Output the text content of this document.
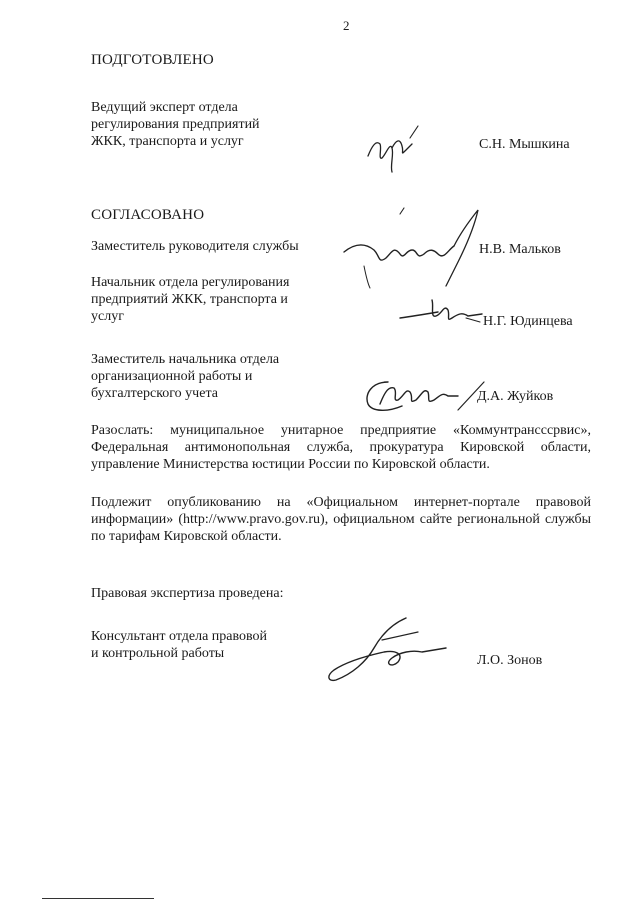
2
ПОДГОТОВЛЕНО
Ведущий эксперт отдела
регулирования предприятий
ЖКК, транспорта и услуг	С.Н. Мышкина
СОГЛАСОВАНО
Заместитель руководителя службы	Н.В. Мальков
Начальник отдела регулирования
предприятий ЖКК, транспорта и
услуг	Н.Г. Юдинцева
Заместитель начальника отдела
организационной работы и
бухгалтерского учета	Д.А. Жуйков
Разослать: муниципальное унитарное предприятие «Коммунтрансссрвис», Федеральная антимонопольная служба, прокуратура Кировской области, управление Министерства юстиции России по Кировской области.
Подлежит опубликованию на «Официальном интернет-портале правовой информации» (http://www.pravo.gov.ru), официальном сайте региональной службы по тарифам Кировской области.
Правовая экспертиза проведена:
Консультант отдела правовой
и контрольной работы	Л.О. Зонов
